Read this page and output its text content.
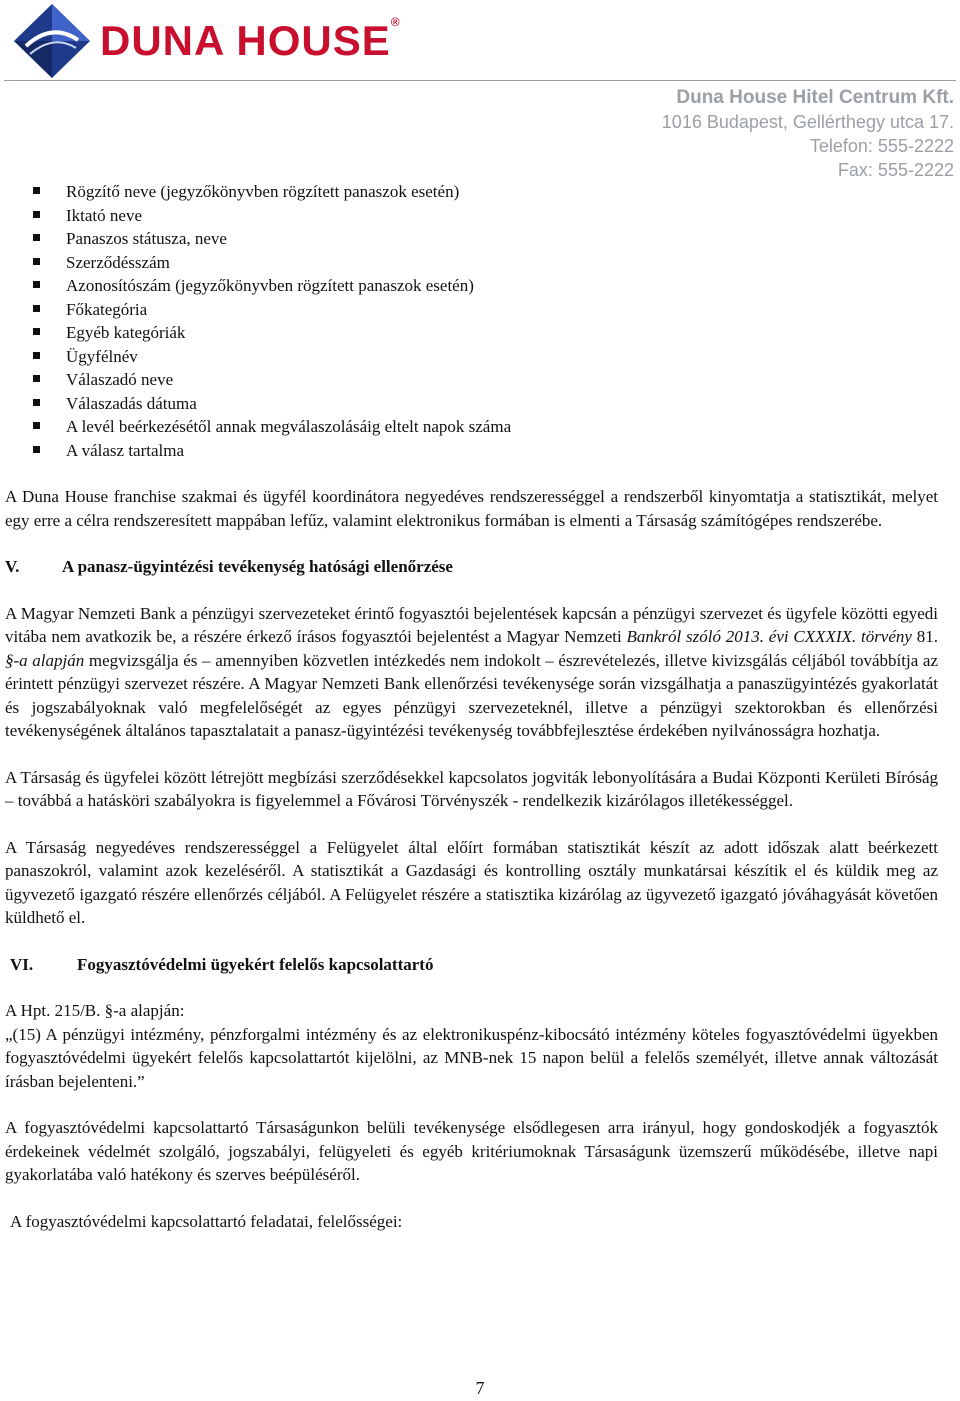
DUNA HOUSE®
Duna House Hitel Centrum Kft.
1016 Budapest, Gellérthegy utca 17.
Telefon: 555-2222
Fax: 555-2222
Rögzítő neve (jegyzőkönyvben rögzített panaszok esetén)
Iktató neve
Panaszos státusza, neve
Szerződésszám
Azonosítószám (jegyzőkönyvben rögzített panaszok esetén)
Főkategória
Egyéb kategóriák
Ügyfélnév
Válaszadó neve
Válaszadás dátuma
A levél beérkezésétől annak megválaszolásáig eltelt napok száma
A válasz tartalma

A Duna House franchise szakmai és ügyfél koordinátora negyedéves rendszerességgel a rendszerből kinyomtatja a statisztikát, melyet egy erre a célra rendszeresített mappában lefűz, valamint elektronikus formában is elmenti a Társaság számítógépes rendszerébe.

V.	A panasz-ügyintézési tevékenység hatósági ellenőrzése

A Magyar Nemzeti Bank a pénzügyi szervezeteket érintő fogyasztói bejelentések kapcsán a pénzügyi szervezet és ügyfele közötti egyedi vitába nem avatkozik be, a részére érkező írásos fogyasztói bejelentést a Magyar Nemzeti Bankról szóló 2013. évi CXXXIX. törvény 81. §-a alapján megvizsgálja és – amennyiben közvetlen intézkedés nem indokolt – észrevételezés, illetve kivizsgálás céljából továbbítja az érintett pénzügyi szervezet részére. A Magyar Nemzeti Bank ellenőrzési tevékenysége során vizsgálhatja a panaszügyintézés gyakorlatát és jogszabályoknak való megfelelőségét az egyes pénzügyi szervezeteknél, illetve a pénzügyi szektorokban és ellenőrzési tevékenységének általános tapasztalatait a panasz-ügyintézési tevékenység továbbfejlesztése érdekében nyilvánosságra hozhatja.

A Társaság és ügyfelei között létrejött megbízási szerződésekkel kapcsolatos jogviták lebonyolítására a Budai Központi Kerületi Bíróság – továbbá a hatásköri szabályokra is figyelemmel a Fővárosi Törvényszék - rendelkezik kizárólagos illetékességgel.

A Társaság negyedéves rendszerességgel a Felügyelet által előírt formában statisztikát készít az adott időszak alatt beérkezett panaszokról, valamint azok kezeléséről. A statisztikát a Gazdasági és kontrolling osztály munkatársai készítik el és küldik meg az ügyvezető igazgató részére ellenőrzés céljából. A Felügyelet részére a statisztika kizárólag az ügyvezető igazgató jóváhagyását követően küldhető el.

VI.	Fogyasztóvédelmi ügyekért felelős kapcsolattartó

A Hpt. 215/B. §-a alapján:

„(15) A pénzügyi intézmény, pénzforgalmi intézmény és az elektronikuspénz-kibocsátó intézmény köteles fogyasztóvédelmi ügyekben fogyasztóvédelmi ügyekért felelős kapcsolattartót kijelölni, az MNB-nek 15 napon belül a felelős személyét, illetve annak változását írásban bejelenteni.”

A fogyasztóvédelmi kapcsolattartó Társaságunkon belüli tevékenysége elsődlegesen arra irányul, hogy gondoskodjék a fogyasztók érdekeinek védelmét szolgáló, jogszabályi, felügyeleti és egyéb kritériumoknak Társaságunk üzemszerű működésébe, illetve napi gyakorlatába való hatékony és szerves beépüléséről.

A fogyasztóvédelmi kapcsolattartó feladatai, felelősségei:

7
